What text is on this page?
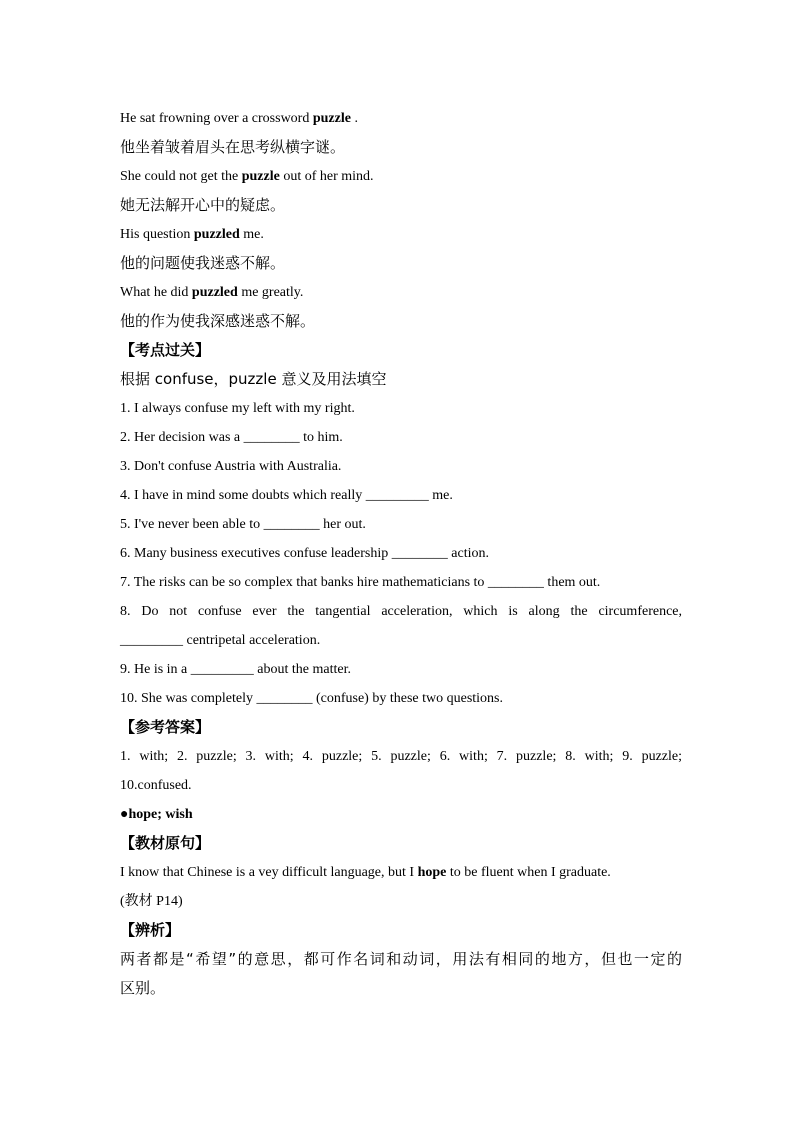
He sat frowning over a crossword puzzle .
他坐着皱着眉头在思考纵横字谜。
She could not get the puzzle out of her mind.
她无法解开心中的疑虑。
His question puzzled me.
他的问题使我迷惑不解。
What he did puzzled me greatly.
他的作为使我深感迷惑不解。
【考点过关】
根据 confuse，puzzle 意义及用法填空
1. I always confuse my left with my right.
2. Her decision was a ________ to him.
3. Don't confuse Austria with Australia.
4. I have in mind some doubts which really _________ me.
5. I've never been able to ________ her out.
6. Many business executives confuse leadership ________ action.
7. The risks can be so complex that banks hire mathematicians to ________ them out.
8. Do not confuse ever the tangential acceleration, which is along the circumference,
_________ centripetal acceleration.
9. He is in a _________ about the matter.
10. She was completely ________ (confuse) by these two questions.
【参考答案】
1. with; 2. puzzle; 3. with; 4. puzzle; 5. puzzle; 6. with; 7. puzzle; 8. with; 9. puzzle;
10.confused.
●hope; wish
【教材原句】
I know that Chinese is a vey difficult language, but I hope to be fluent when I graduate.
(教材 P14)
【辨析】
两者都是“希望”的意思，都可作名词和动词，用法有相同的地方，但也一定的
区别。
